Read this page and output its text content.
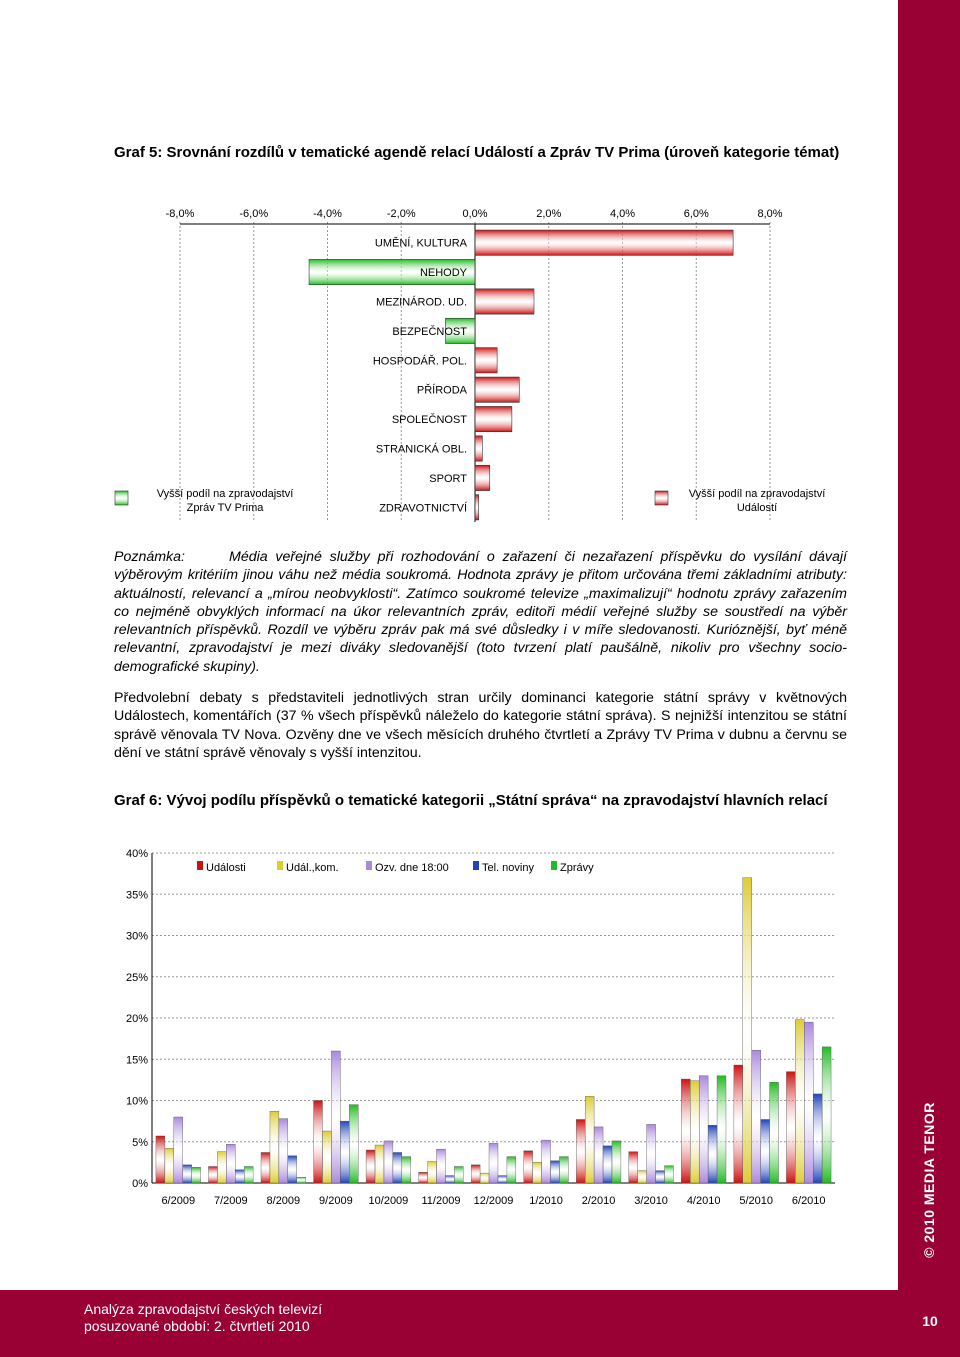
© 2010 MEDIA TENOR
Graf 5: Srovnání rozdílů v tematické agendě relací Událostí a Zpráv TV Prima (úroveň kategorie témat)
-8,0%	-6,0%	-4,0%	-2,0%	0,0%	2,0%	4,0%	6,0%	8,0%
UMĚNÍ, KULTURA
NEHODY
MEZINÁROD. UD.
BEZPEČNOST
HOSPODÁŘ. POL.
PŘÍRODA
SPOLEČNOST
STRANICKÁ OBL.
SPORT
ZDRAVOTNICTVÍ
Vyšší podíl na zpravodajství
Zpráv TV Prima
Vyšší podíl na zpravodajství
Událostí
Poznámka:	Média veřejné služby při rozhodování o zařazení či nezařazení příspěvku do vysílání dávají výběrovým kritériím jinou váhu než média soukromá. Hodnota zprávy je přitom určována třemi základními atributy: aktuálností, relevancí a „mírou neobvyklosti“. Zatímco soukromé televize „maximalizují“ hodnotu zprávy zařazením co nejméně obvyklých informací na úkor relevantních zpráv, editoři médií veřejné služby se soustředí na výběr relevantních příspěvků. Rozdíl ve výběru zpráv pak má své důsledky i v míře sledovanosti. Kurióznější, byť méně relevantní, zpravodajství je mezi diváky sledovanější (toto tvrzení platí paušálně, nikoliv pro všechny socio-demografické skupiny).
Předvolební debaty s představiteli jednotlivých stran určily dominanci kategorie státní správy v květnových Událostech, komentářích (37 % všech příspěvků náleželo do kategorie státní správa). S nejnižší intenzitou se státní správě věnovala TV Nova. Ozvěny dne ve všech měsících druhého čtvrtletí a Zprávy TV Prima v dubnu a červnu se dění ve státní správě věnovaly s vyšší intenzitou.
Graf 6: Vývoj podílu příspěvků o tematické kategorii „Státní správa“ na zpravodajství hlavních relací
0%
5%
10%
15%
20%
25%
30%
35%
40%
6/2009 7/2009 8/2009 9/2009 10/2009 11/2009 12/2009 1/2010 2/2010 3/2010 4/2010 5/2010 6/2010
Události	Udál.,kom.	Ozv. dne 18:00	Tel. noviny Zprávy
Analýza zpravodajství českých televizí
posuzované období: 2. čtvrtletí 2010	10
